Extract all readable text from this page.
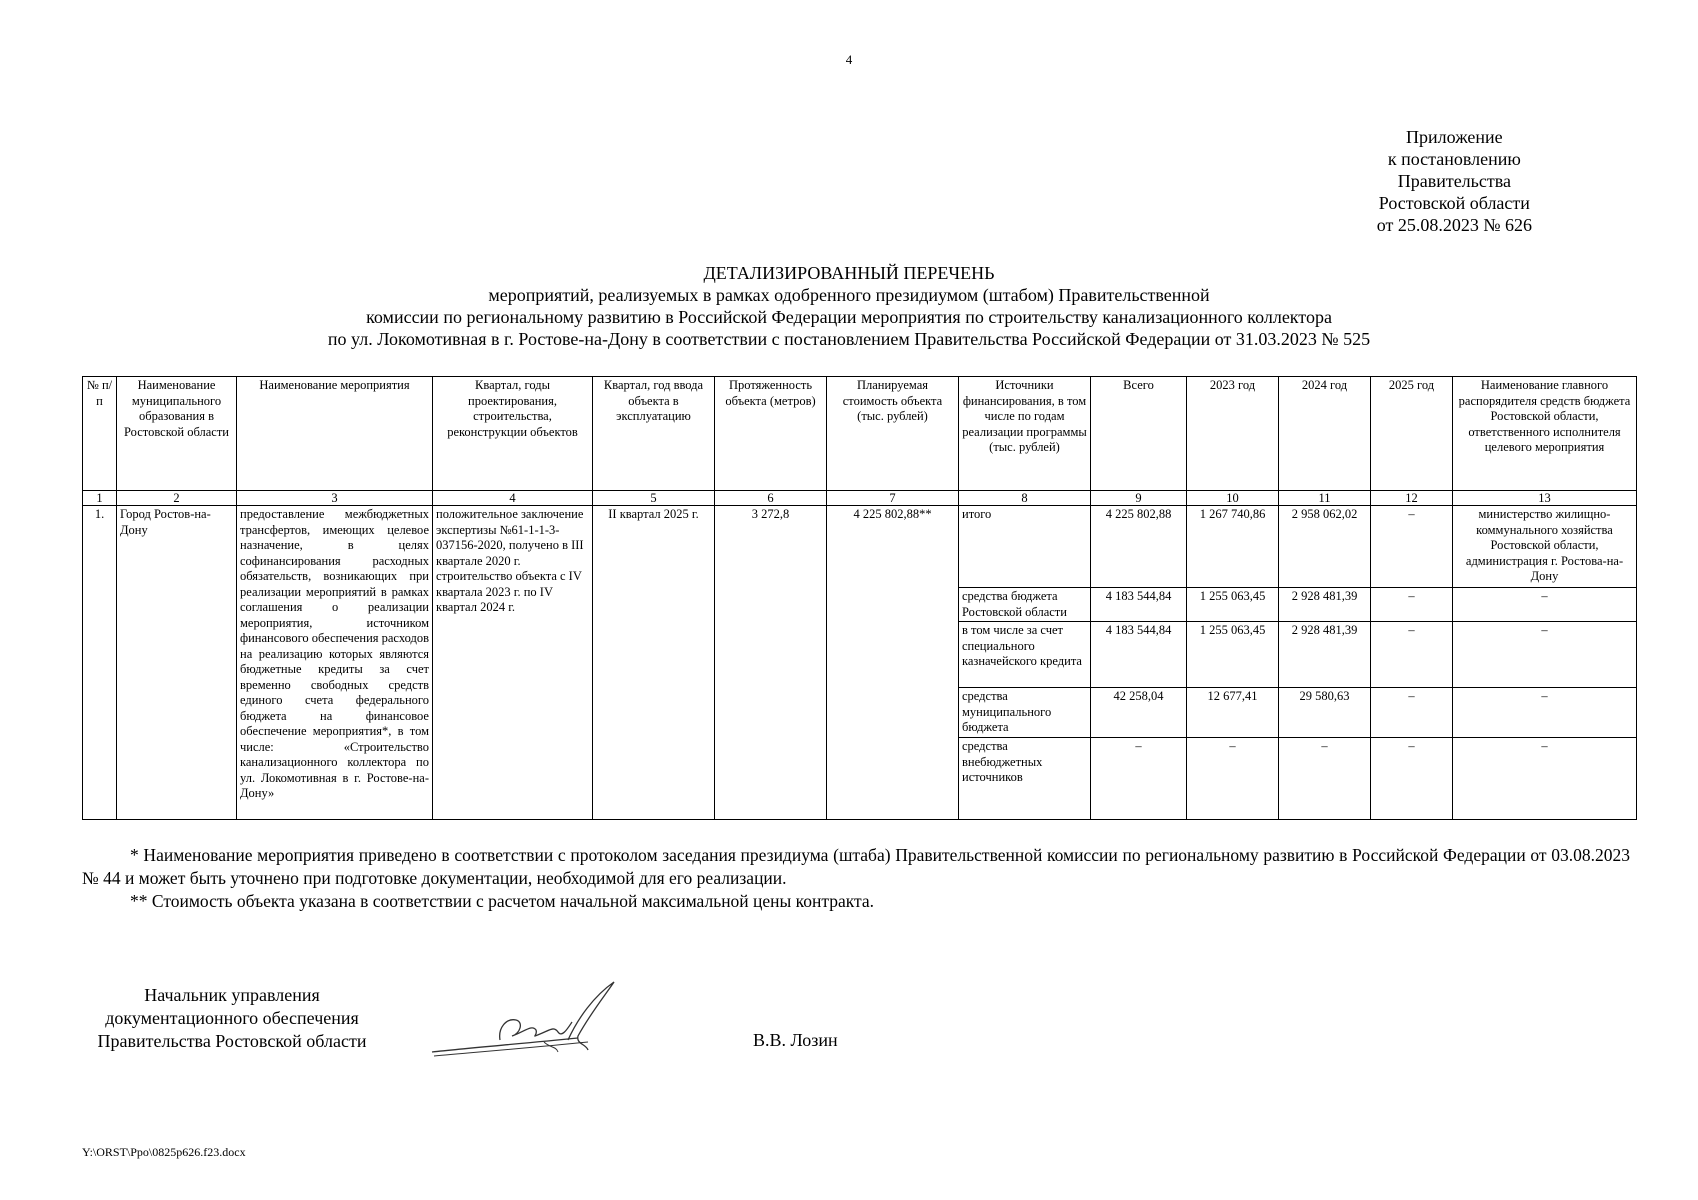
4
Приложение
к постановлению
Правительства
Ростовской области
от 25.08.2023 № 626
ДЕТАЛИЗИРОВАННЫЙ ПЕРЕЧЕНЬ
мероприятий, реализуемых в рамках одобренного президиумом (штабом) Правительственной
комиссии по региональному развитию в Российской Федерации мероприятия по строительству канализационного коллектора
по ул. Локомотивная в г. Ростове-на-Дону в соответствии с постановлением Правительства Российской Федерации от 31.03.2023 № 525
№ п/п	Наименование муниципального образования в Ростовской области	Наименование мероприятия	Квартал, годы проектирования, строительства, реконструкции объектов	Квартал, год ввода объекта в эксплуатацию	Протяженность объекта (метров)	Планируемая стоимость объекта (тыс. рублей)	Источники финансирования, в том числе по годам реализации программы (тыс. рублей)	Всего	2023 год	2024 год	2025 год	Наименование главного распорядителя средств бюджета Ростовской области, ответственного исполнителя целевого мероприятия
1	2	3	4	5	6	7	8	9	10	11	12	13
1.	Город Ростов-на-Дону	предоставление межбюджетных трансфертов, имеющих целевое назначение, в целях софинансирования расходных обязательств, возникающих при реализации мероприятий в рамках соглашения о реализации мероприятия, источником финансового обеспечения расходов на реализацию которых являются бюджетные кредиты за счет временно свободных средств единого счета федерального бюджета на финансовое обеспечение мероприятия*, в том числе: «Строительство канализационного коллектора по ул. Локомотивная в г. Ростове-на-Дону»	положительное заключение экспертизы №61-1-1-3-037156-2020, получено в III квартале 2020 г. строительство объекта с IV квартала 2023 г. по IV квартал 2024 г.	II квартал 2025 г.	3 272,8	4 225 802,88**	итого	4 225 802,88	1 267 740,86	2 958 062,02	–	министерство жилищно-коммунального хозяйства Ростовской области, администрация г. Ростова-на-Дону
							средства бюджета Ростовской области	4 183 544,84	1 255 063,45	2 928 481,39	–	–
							в том числе за счет специального казначейского кредита	4 183 544,84	1 255 063,45	2 928 481,39	–	–
							средства муниципального бюджета	42 258,04	12 677,41	29 580,63	–	–
							средства внебюджетных источников	–	–	–	–	–

* Наименование мероприятия приведено в соответствии с протоколом заседания президиума (штаба) Правительственной комиссии по региональному развитию в Российской Федерации от 03.08.2023 № 44 и может быть уточнено при подготовке документации, необходимой для его реализации.

** Стоимость объекта указана в соответствии с расчетом начальной максимальной цены контракта.

Начальник управления
документационного обеспечения
Правительства Ростовской области	В.В. Лозин
Y:\ORST\Ppo\0825p626.f23.docx
